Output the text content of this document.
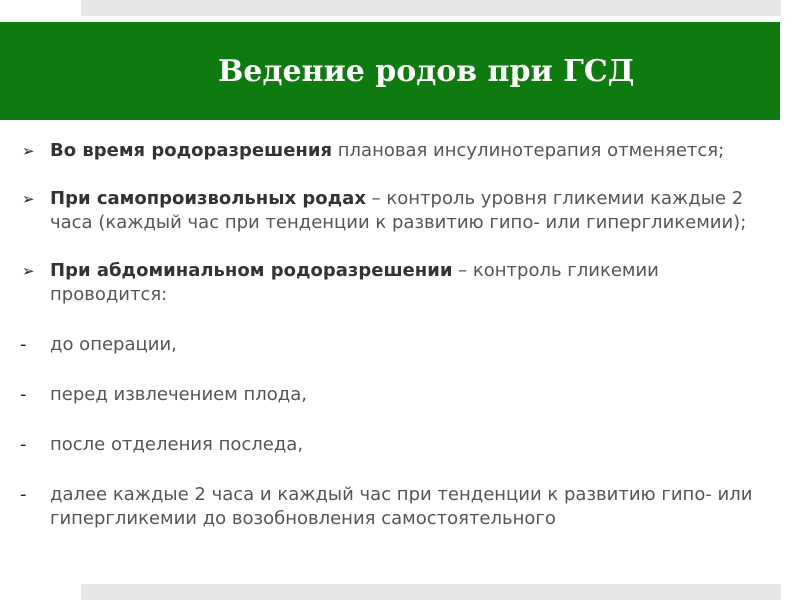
Ведение родов при ГСД

➢ Во время родоразрешения плановая инсулинотерапия отменяется;

➢ При самопроизвольных родах – контроль уровня гликемии каждые 2 часа (каждый час при тенденции к развитию гипо- или гипергликемии);

➢ При абдоминальном родоразрешении – контроль гликемии проводится:

- до операции,

- перед извлечением плода,

- после отделения последа,

- далее каждые 2 часа и каждый час при тенденции к развитию гипо- или гипергликемии до возобновления самостоятельного
